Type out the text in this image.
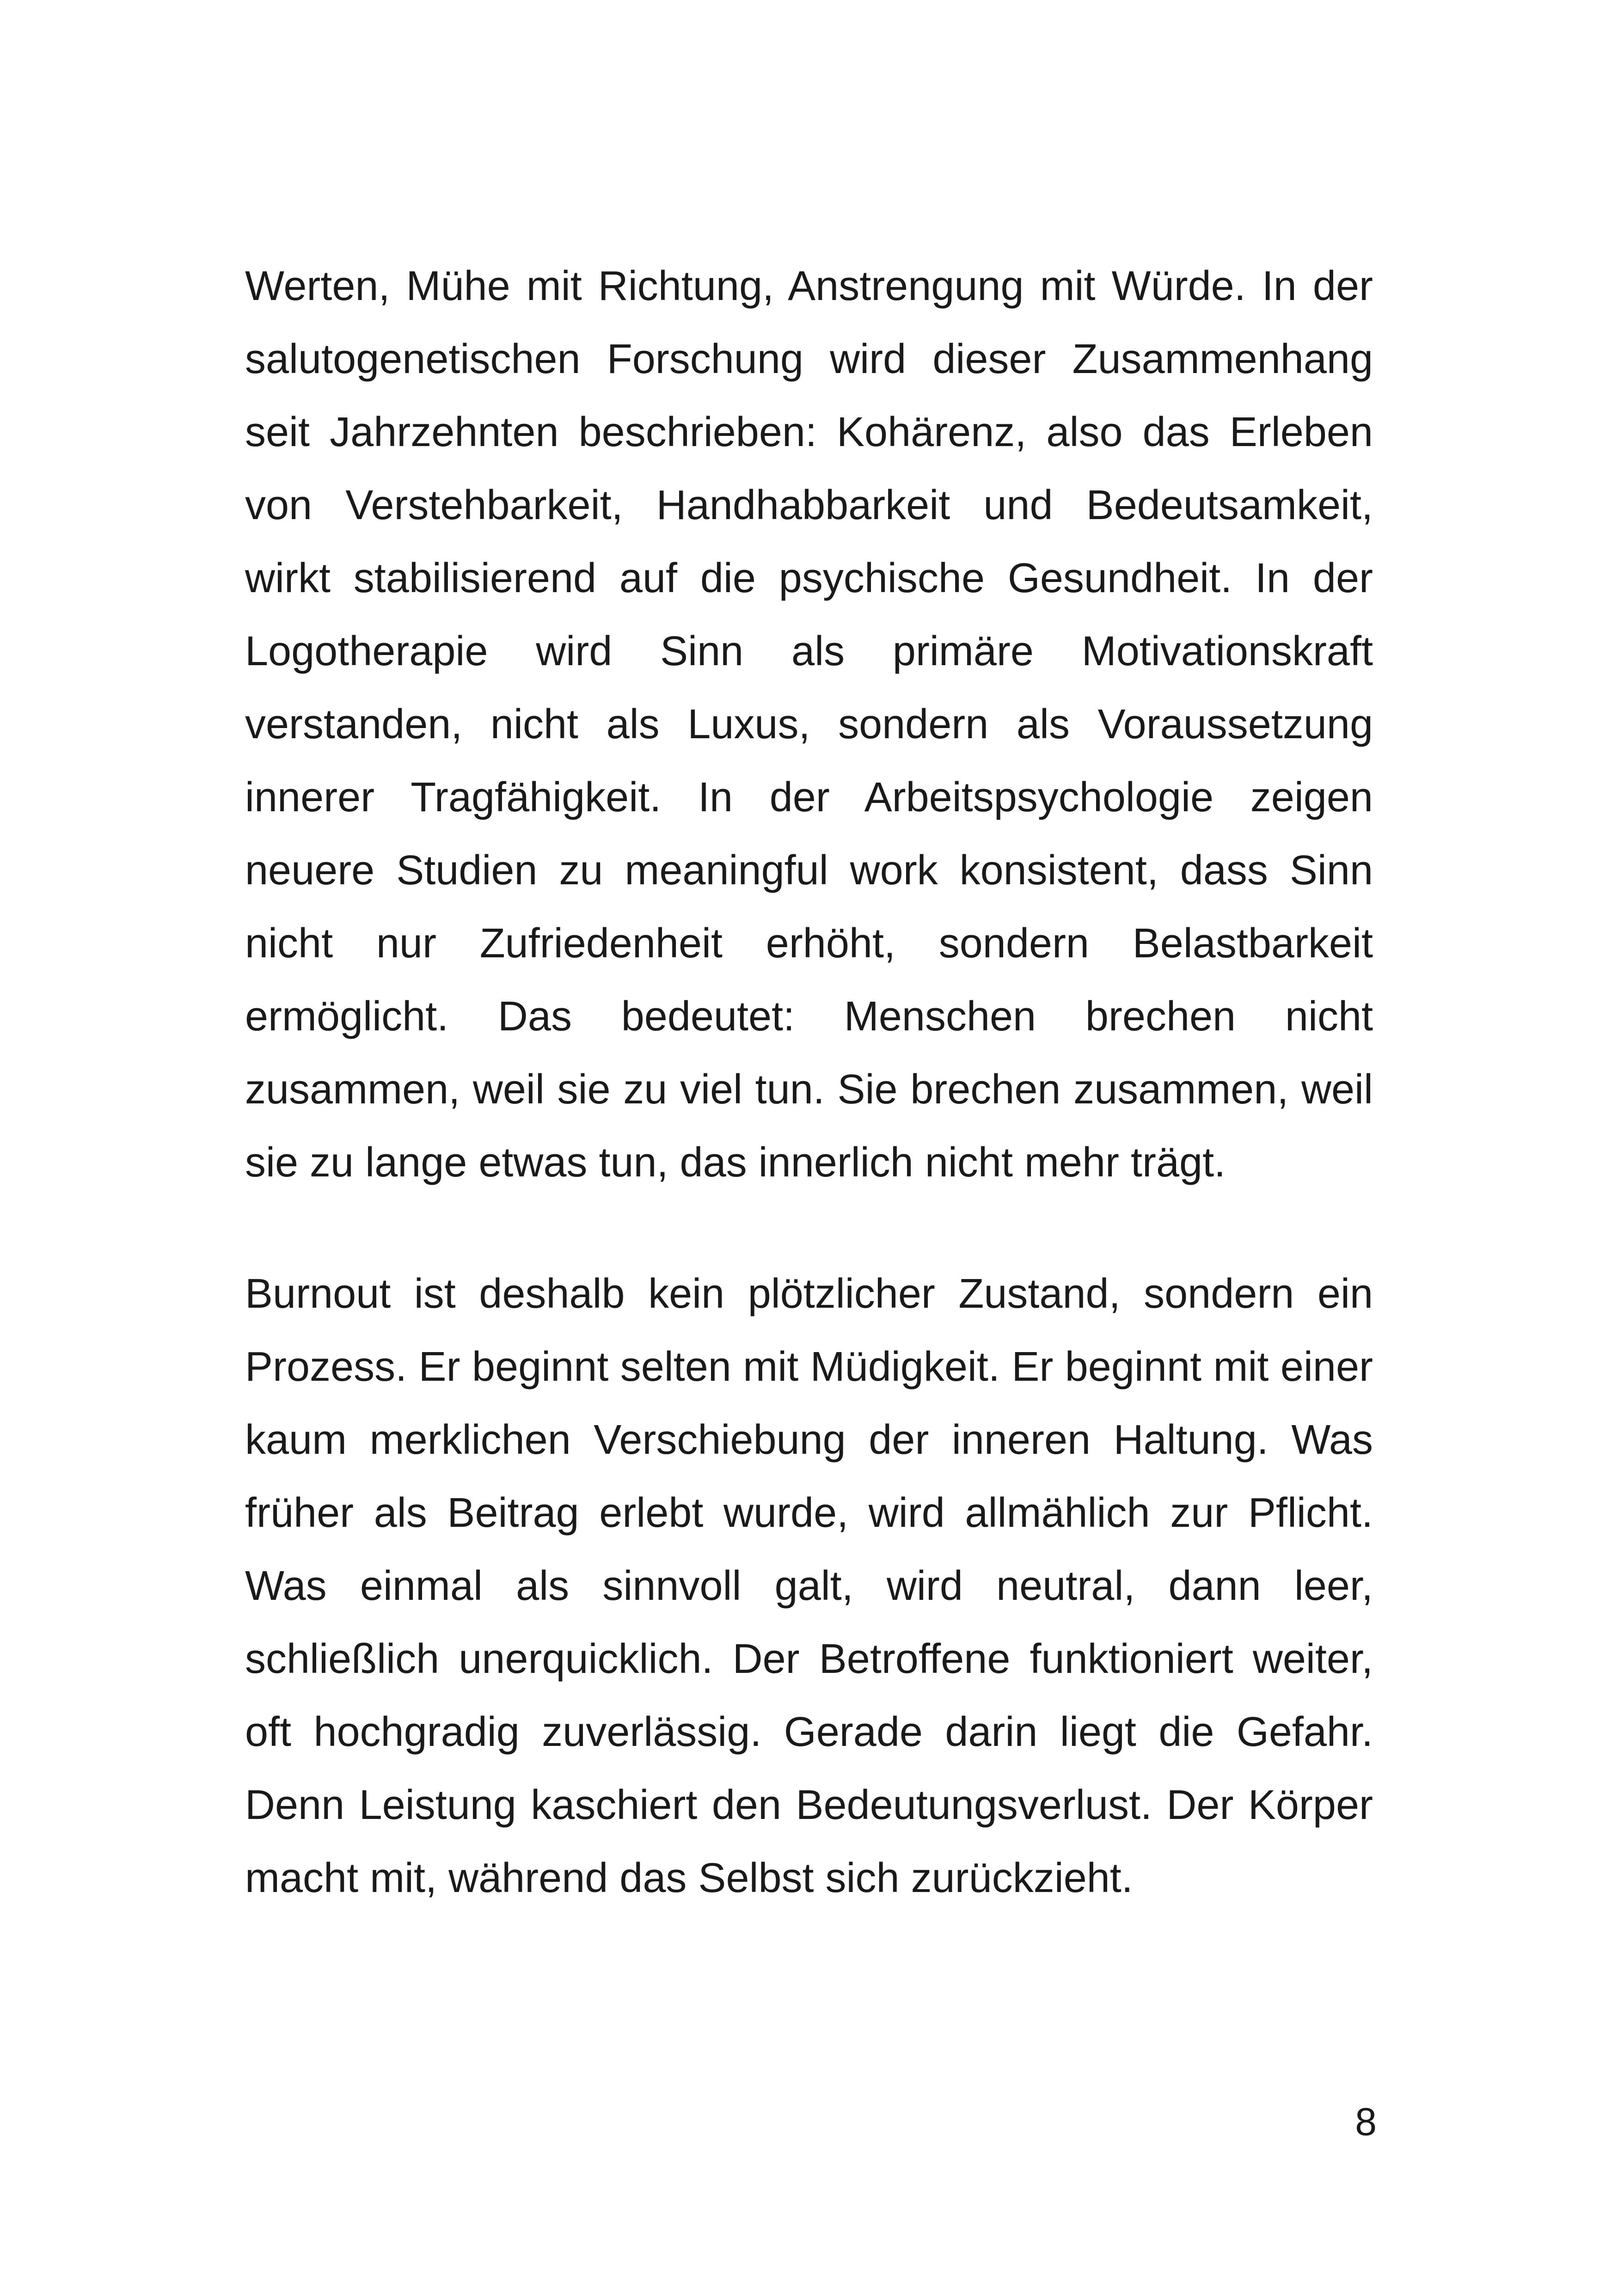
Werten, Mühe mit Richtung, Anstrengung mit Würde. In der
salutogenetischen Forschung wird dieser Zusammenhang
seit Jahrzehnten beschrieben: Kohärenz, also das Erleben
von Verstehbarkeit, Handhabbarkeit und Bedeutsamkeit,
wirkt stabilisierend auf die psychische Gesundheit. In der
Logotherapie wird Sinn als primäre Motivationskraft
verstanden, nicht als Luxus, sondern als Voraussetzung
innerer Tragfähigkeit. In der Arbeitspsychologie zeigen
neuere Studien zu meaningful work konsistent, dass Sinn
nicht nur Zufriedenheit erhöht, sondern Belastbarkeit
ermöglicht. Das bedeutet: Menschen brechen nicht
zusammen, weil sie zu viel tun. Sie brechen zusammen, weil
sie zu lange etwas tun, das innerlich nicht mehr trägt.
Burnout ist deshalb kein plötzlicher Zustand, sondern ein
Prozess. Er beginnt selten mit Müdigkeit. Er beginnt mit einer
kaum merklichen Verschiebung der inneren Haltung. Was
früher als Beitrag erlebt wurde, wird allmählich zur Pflicht.
Was einmal als sinnvoll galt, wird neutral, dann leer,
schließlich unerquicklich. Der Betroffene funktioniert weiter,
oft hochgradig zuverlässig. Gerade darin liegt die Gefahr.
Denn Leistung kaschiert den Bedeutungsverlust. Der Körper
macht mit, während das Selbst sich zurückzieht.
8
